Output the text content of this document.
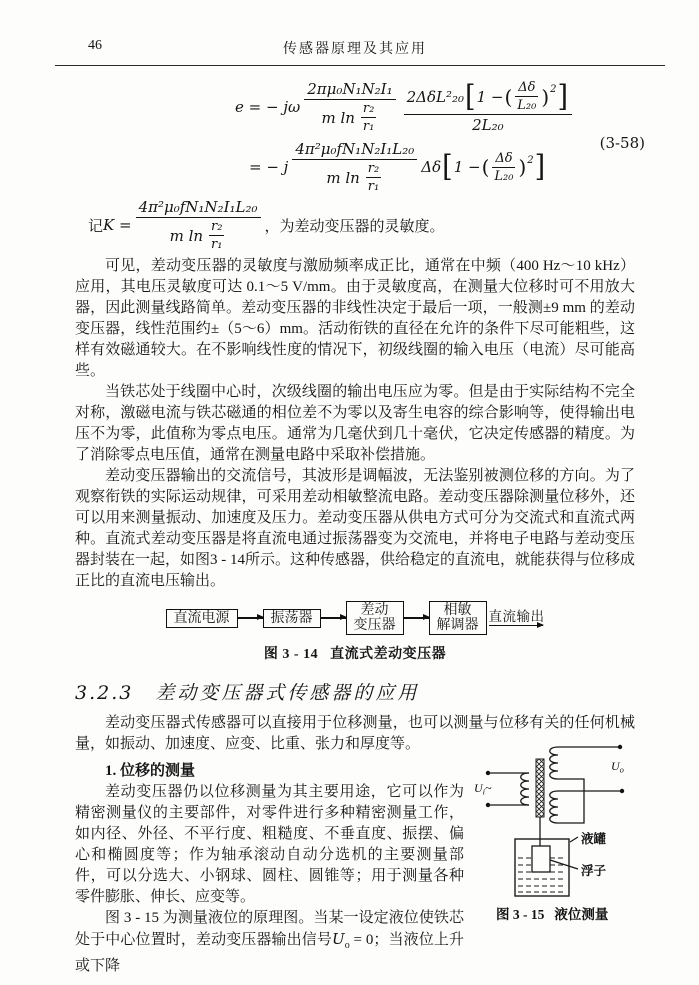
46	传感器原理及其应用
e = − jω
2πμ₀N₁N₂I₁
m ln r₂
r₁
2ΔδL²₂₀ [ 1 − ( Δδ
L₂₀ ) 2 ]
2L₂₀
= − j
4π²μ₀fN₁N₂I₁L₂₀
m ln r₂
r₁
Δδ [ 1 − ( Δδ
L₂₀ ) 2 ]
(3-58)
记 K =
4π²μ₀fN₁N₂I₁L₂₀
m ln r₂
r₁
，为差动变压器的灵敏度。

可见，差动变压器的灵敏度与激励频率成正比，通常在中频（400 Hz～10 kHz）应用，其电压灵敏度可达 0.1～5 V/mm。由于灵敏度高，在测量大位移时可不用放大器，因此测量线路简单。差动变压器的非线性决定于最后一项，一般测±9 mm 的差动变压器，线性范围约±（5～6）mm。活动衔铁的直径在允许的条件下尽可能粗些，这样有效磁通较大。在不影响线性度的情况下，初级线圈的输入电压（电流）尽可能高些。

当铁芯处于线圈中心时，次级线圈的输出电压应为零。但是由于实际结构不完全对称，激磁电流与铁芯磁通的相位差不为零以及寄生电容的综合影响等，使得输出电压不为零，此值称为零点电压。通常为几毫伏到几十毫伏，它决定传感器的精度。为了消除零点电压值，通常在测量电路中采取补偿措施。

差动变压器输出的交流信号，其波形是调幅波，无法鉴别被测位移的方向。为了观察衔铁的实际运动规律，可采用差动相敏整流电路。差动变压器除测量位移外，还可以用来测量振动、加速度及压力。差动变压器从供电方式可分为交流式和直流式两种。直流式差动变压器是将直流电通过振荡器变为交流电，并将电子电路与差动变压器封装在一起，如图3 - 14所示。这种传感器，供给稳定的直流电，就能获得与位移成正比的直流电压输出。

直流电源	振荡器	差动
变压器
相敏
解调器
直流输出
图 3 - 14 直流式差动变压器
3.2.3 差动变压器式传感器的应用

差动变压器式传感器可以直接用于位移测量，也可以测量与位移有关的任何机械量，如振动、加速度、应变、比重、张力和厚度等。

液罐
浮子
$U_i\sim$
$U_o$
图 3 - 15 液位测量

1. 位移的测量

差动变压器仍以位移测量为其主要用途，它可以作为精密测量仪的主要部件，对零件进行多种精密测量工作，如内径、外径、不平行度、粗糙度、不垂直度、振摆、偏心和椭圆度等；作为轴承滚动自动分选机的主要测量部件，可以分选大、小钢球、圆柱、圆锥等；用于测量各种零件膨胀、伸长、应变等。

图 3 - 15 为测量液位的原理图。当某一设定液位使铁芯处于中心位置时，差动变压器输出信号$U_o = 0$；当液位上升或下降
